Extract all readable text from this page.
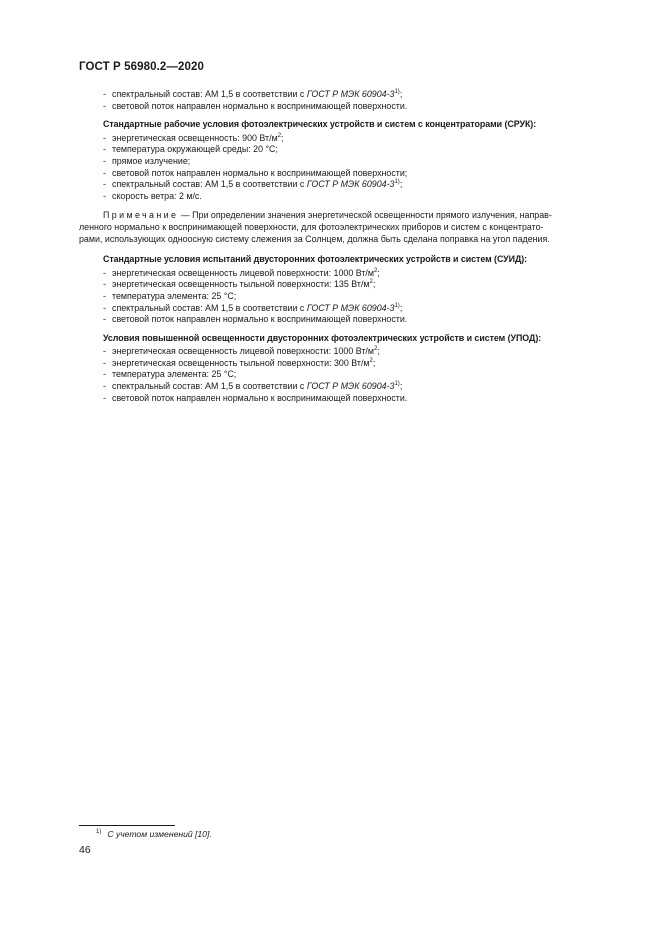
ГОСТ Р 56980.2—2020
- спектральный состав: АМ 1,5 в соответствии с ГОСТ Р МЭК 60904-3$^{1)}$;
- световой поток направлен нормально к воспринимающей поверхности.
Стандартные рабочие условия фотоэлектрических устройств и систем с концентраторами (СРУК):
- энергетическая освещенность: 900 $Вт/м^2$;
- температура окружающей среды: 20 °С;
- прямое излучение;
- световой поток направлен нормально к воспринимающей поверхности;
- спектральный состав: АМ 1,5 в соответствии с ГОСТ Р МЭК 60904-3$^{1)}$;
- скорость ветра: 2 м/с.
Примечание — При определении значения энергетической освещенности прямого излучения, направ-
ленного нормально к воспринимающей поверхности, для фотоэлектрических приборов и систем с концентрато-
рами, использующих одноосную систему слежения за Солнцем, должна быть сделана поправка на угол падения.
Стандартные условия испытаний двусторонних фотоэлектрических устройств и систем (СУИД):
- энергетическая освещенность лицевой поверхности: 1000 $Вт/м^2$;
- энергетическая освещенность тыльной поверхности: 135 $Вт/м^2$;
- температура элемента: 25 °С;
- спектральный состав: АМ 1,5 в соответствии с ГОСТ Р МЭК 60904-3$^{1)}$;
- световой поток направлен нормально к воспринимающей поверхности.
Условия повышенной освещенности двусторонних фотоэлектрических устройств и систем (УПОД):
- энергетическая освещенность лицевой поверхности: 1000 $Вт/м^2$;
- энергетическая освещенность тыльной поверхности: 300 $Вт/м^2$;
- температура элемента: 25 °С;
- спектральный состав: АМ 1,5 в соответствии с ГОСТ Р МЭК 60904-3$^{1)}$;
- световой поток направлен нормально к воспринимающей поверхности.
$^{1)}$ С учетом изменений [10].
46
